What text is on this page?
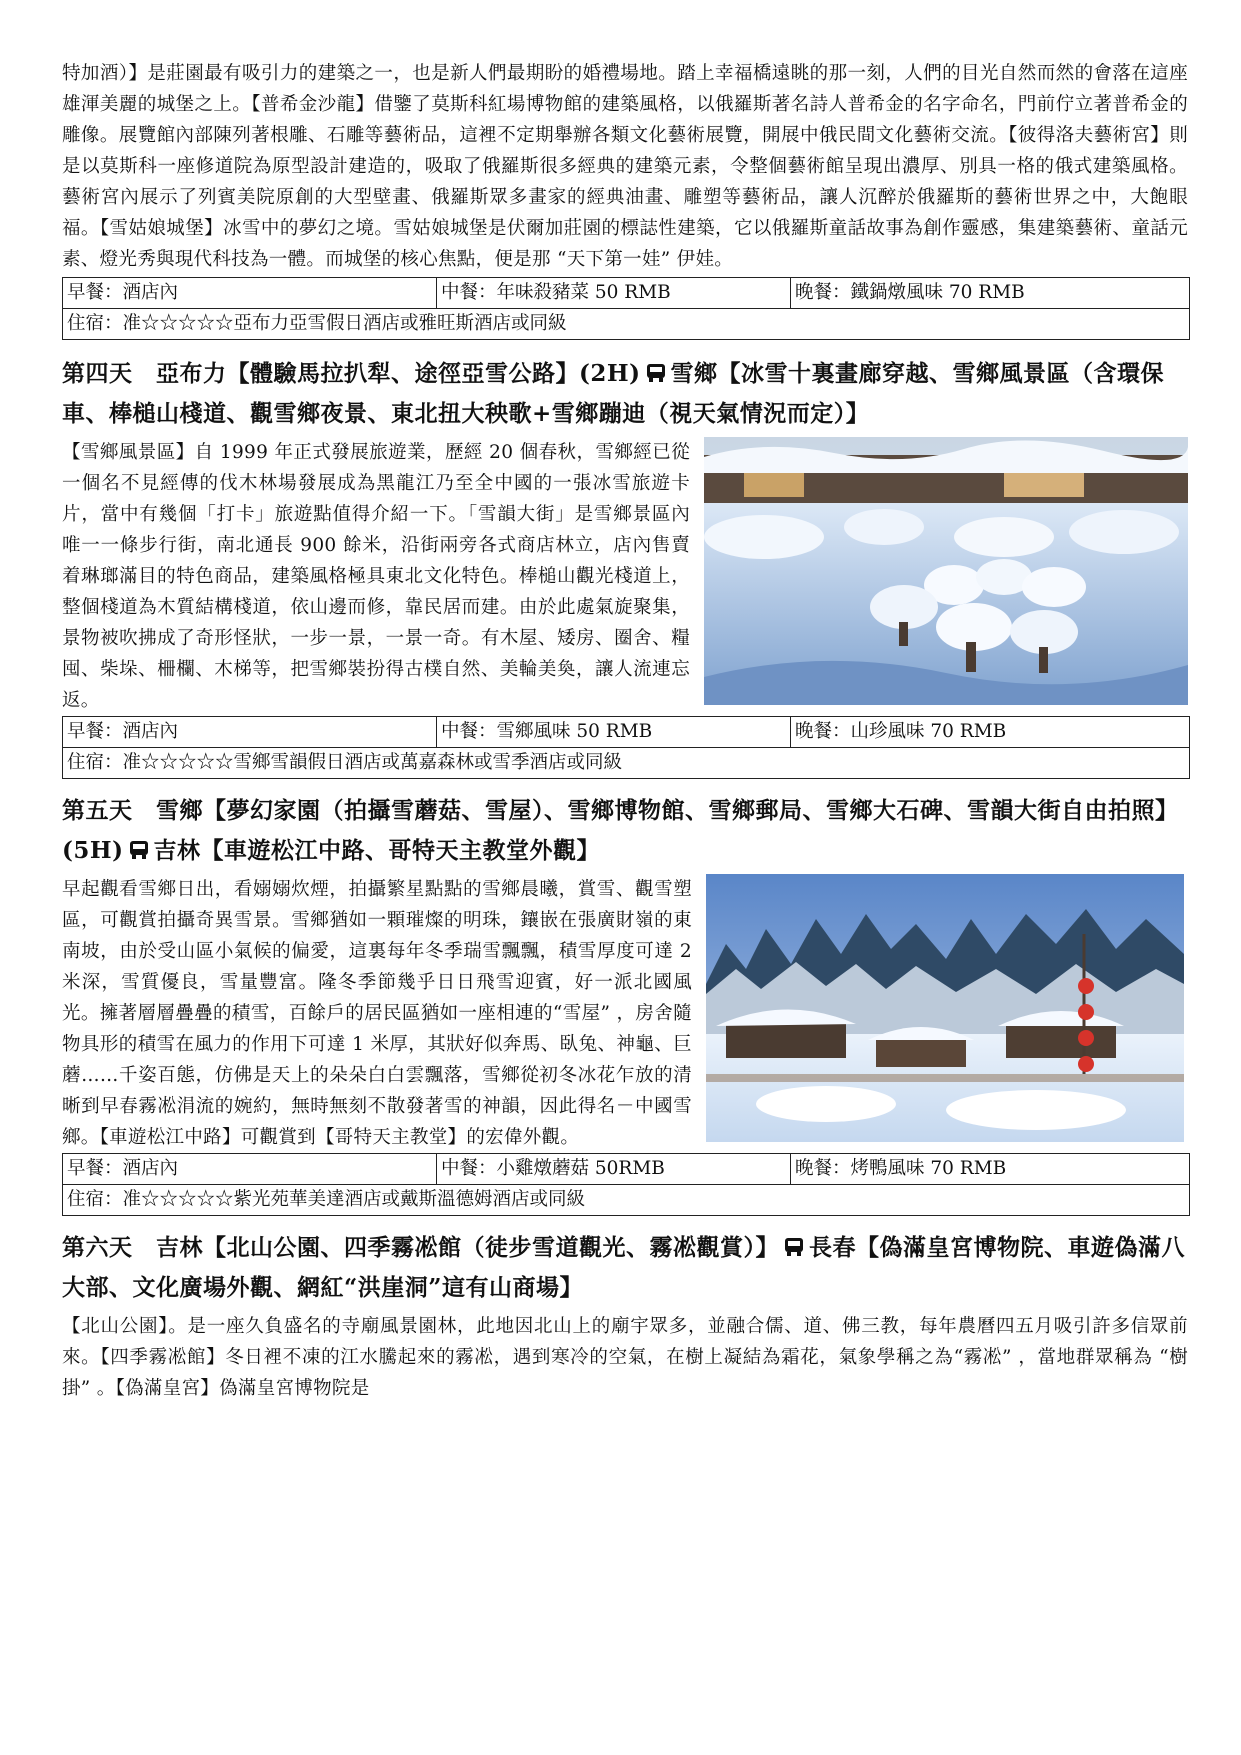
特加酒）】是莊園最有吸引力的建築之一，也是新人們最期盼的婚禮場地。踏上幸福橋遠眺的那一刻，人們的目光自然而然的會落在這座雄渾美麗的城堡之上。【普希金沙龍】借鑒了莫斯科紅場博物館的建築風格，以俄羅斯著名詩人普希金的名字命名，門前佇立著普希金的雕像。展覽館內部陳列著根雕、石雕等藝術品，這裡不定期舉辦各類文化藝術展覽，開展中俄民間文化藝術交流。【彼得洛夫藝術宮】則是以莫斯科一座修道院為原型設計建造的，吸取了俄羅斯很多經典的建築元素，令整個藝術館呈現出濃厚、別具一格的俄式建築風格。 藝術宮內展示了列賓美院原創的大型壁畫、俄羅斯眾多畫家的經典油畫、雕塑等藝術品，讓人沉醉於俄羅斯的藝術世界之中，大飽眼福。【雪姑娘城堡】冰雪中的夢幻之境。雪姑娘城堡是伏爾加莊園的標誌性建築，它以俄羅斯童話故事為創作靈感，集建築藝術、童話元素、燈光秀與現代科技為一體。而城堡的核心焦點，便是那 “天下第一娃” 伊娃。

早餐：酒店內	中餐：年味殺豬菜 50 RMB	晚餐：鐵鍋燉風味 70 RMB
住宿：准☆☆☆☆☆亞布力亞雪假日酒店或雅旺斯酒店或同級
第四天　亞布力【體驗馬拉扒犁、途徑亞雪公路】(2H) 雪鄉【冰雪十裏畫廊穿越、雪鄉風景區（含環保車、棒槌山棧道、觀雪鄉夜景、東北扭大秧歌+雪鄉蹦迪（視天氣情況而定）】

【雪鄉風景區】自 1999 年正式發展旅遊業，歷經 20 個春秋，雪鄉經已從一個名不見經傳的伐木林場發展成為黑龍江乃至全中國的一張冰雪旅遊卡片，當中有幾個「打卡」旅遊點值得介紹一下。「雪韻大街」是雪鄉景區內唯一一條步行街，南北通長 900 餘米，沿街兩旁各式商店林立，店內售賣着琳瑯滿目的特色商品，建築風格極具東北文化特色。棒槌山觀光棧道上，整個棧道為木質結構棧道，依山邊而修，靠民居而建。由於此處氣旋聚集，景物被吹拂成了奇形怪狀，一步一景，一景一奇。有木屋、矮房、圈舍、糧囤、柴垛、柵欄、木梯等，把雪鄉裝扮得古樸自然、美輪美奐，讓人流連忘返。

早餐：酒店內	中餐：雪鄉風味 50 RMB	晚餐：山珍風味 70 RMB
住宿：准☆☆☆☆☆雪鄉雪韻假日酒店或萬嘉森林或雪季酒店或同級
第五天　雪鄉【夢幻家園（拍攝雪蘑菇、雪屋）、雪鄉博物館、雪鄉郵局、雪鄉大石碑、雪韻大街自由拍照】(5H) 吉林【車遊松江中路、哥特天主教堂外觀】

早起觀看雪鄉日出，看嫋嫋炊煙，拍攝繁星點點的雪鄉晨曦，賞雪、觀雪塑區，可觀賞拍攝奇異雪景。雪鄉猶如一顆璀燦的明珠，鑲嵌在張廣財嶺的東南坡，由於受山區小氣候的偏愛，這裏每年冬季瑞雪飄飄，積雪厚度可達 2 米深，雪質優良，雪量豐富。隆冬季節幾乎日日飛雪迎賓，好一派北國風光。擁著層層疊疊的積雪，百餘戶的居民區猶如一座相連的“雪屋” ，房舍隨物具形的積雪在風力的作用下可達 1 米厚，其狀好似奔馬、臥兔、神龜、巨蘑……千姿百態，仿佛是天上的朵朵白白雲飄落，雪鄉從初冬冰花乍放的清晰到早春霧凇涓流的婉約，無時無刻不散發著雪的神韻，因此得名－中國雪鄉。【車遊松江中路】可觀賞到【哥特天主教堂】的宏偉外觀。

早餐：酒店內	中餐：小雞燉蘑菇 50RMB	晚餐：烤鴨風味 70 RMB
住宿：准☆☆☆☆☆紫光苑華美達酒店或戴斯溫德姆酒店或同級
第六天　吉林【北山公園、四季霧凇館（徒步雪道觀光、霧凇觀賞）】 長春【偽滿皇宮博物院、車遊偽滿八大部、文化廣場外觀、網紅“洪崖洞”這有山商場】

【北山公園】。是一座久負盛名的寺廟風景園林，此地因北山上的廟宇眾多，並融合儒、道、佛三教，每年農曆四五月吸引許多信眾前來。【四季霧凇館】冬日裡不凍的江水騰起來的霧凇，遇到寒冷的空氣，在樹上凝結為霜花，氣象學稱之為“霧凇” ，當地群眾稱為 “樹掛” 。【偽滿皇宮】偽滿皇宮博物院是
